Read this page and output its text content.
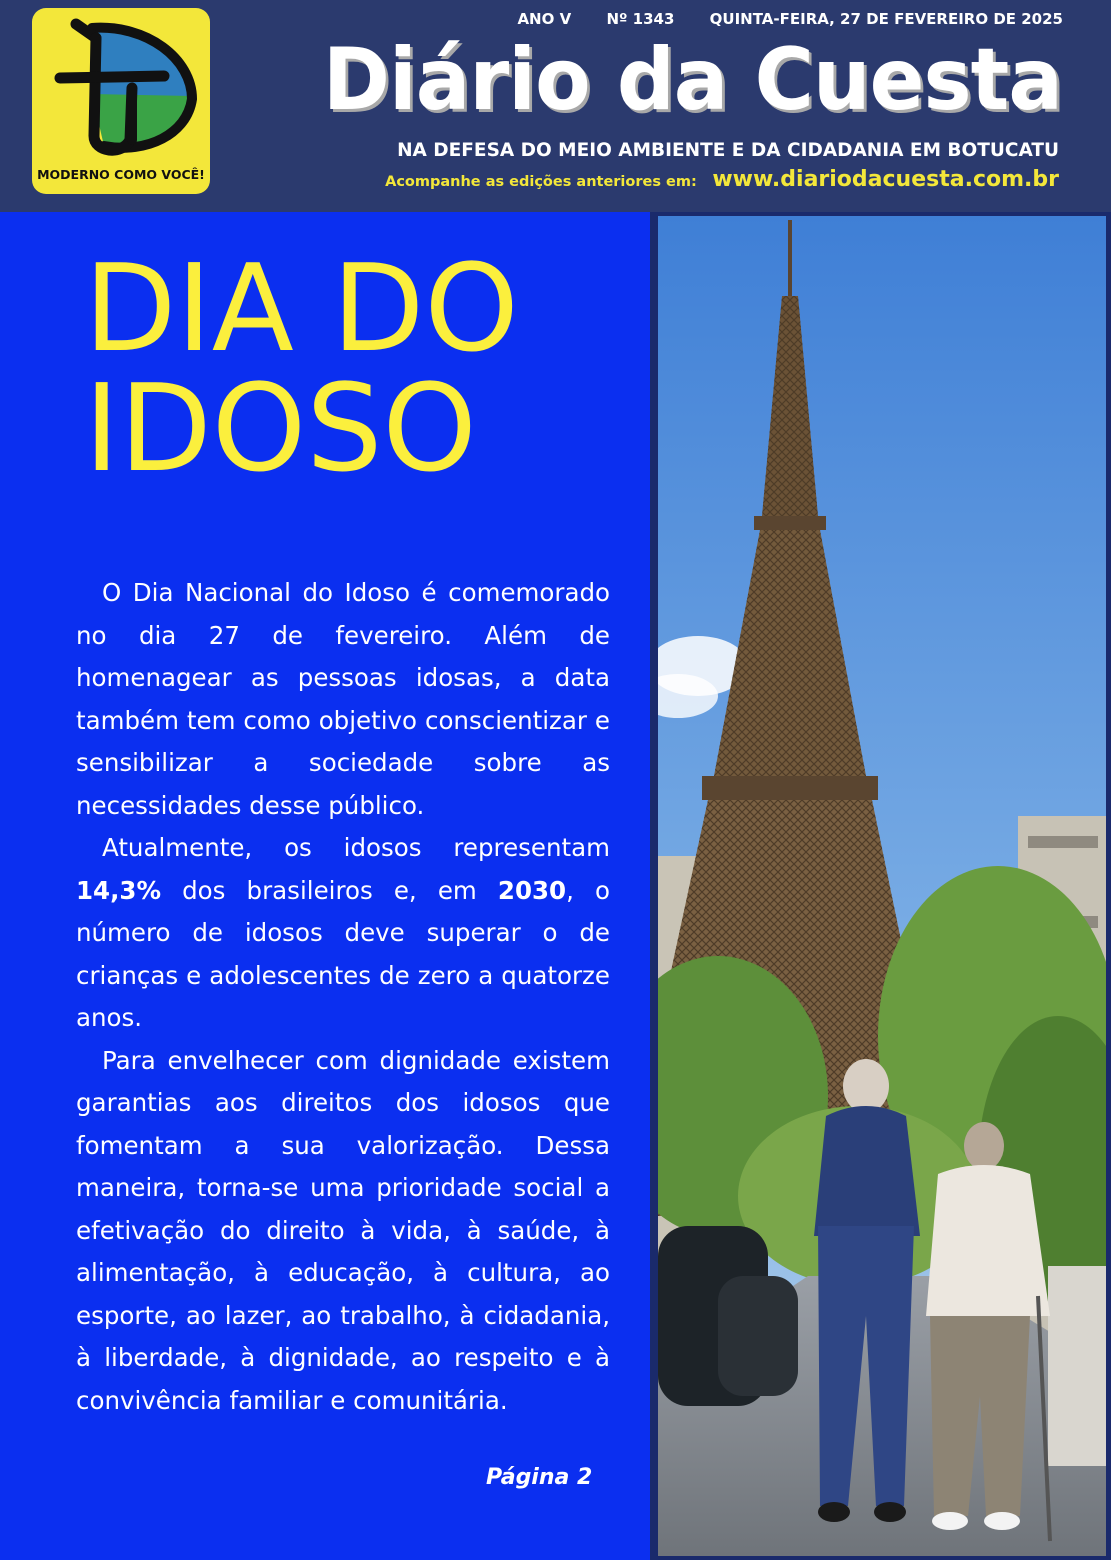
MODERNO COMO VOCÊ!
ANO V Nº 1343 QUINTA-FEIRA, 27 DE FEVEREIRO DE 2025
Diário da Cuesta
NA DEFESA DO MEIO AMBIENTE E DA CIDADANIA EM BOTUCATU
Acompanhe as edições anteriores em: www.diariodacuesta.com.br
DIA DO
IDOSO

O Dia Nacional do Idoso é comemorado no dia 27 de fevereiro. Além de homenagear as pessoas idosas, a data também tem como objetivo conscientizar e sensibilizar a sociedade sobre as necessidades desse público.

Atualmente, os idosos representam 14,3% dos brasileiros e, em 2030, o número de idosos deve superar o de crianças e adolescentes de zero a quatorze anos.

Para envelhecer com dignidade existem garantias aos direitos dos idosos que fomentam a sua valorização. Dessa maneira, torna-se uma prioridade social a efetivação do direito à vida, à saúde, à alimentação, à educação, à cultura, ao esporte, ao lazer, ao trabalho, à cidadania, à liberdade, à dignidade, ao respeito e à convivência familiar e comunitária.

Página 2
